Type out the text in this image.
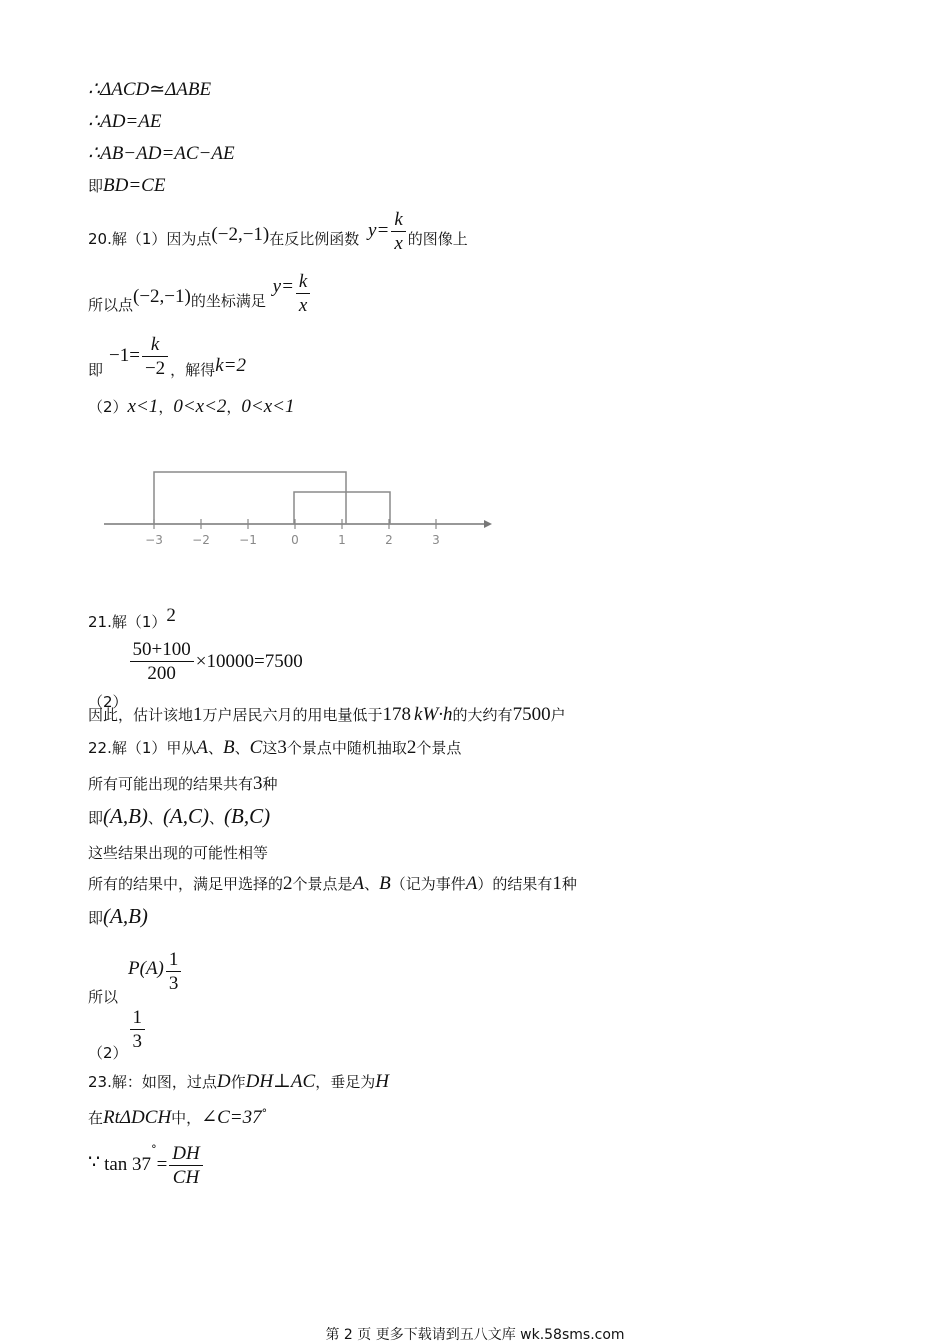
∴ΔACD≃ΔABE
∴AD=AE
∴AB−AD=AC−AE
即BD=CE
20.解（1）因为点(−2,−1)在反比例函数 $y= \frac{k}{x}$ 的图像上
所以点(−2,−1)的坐标满足 $y= \frac{k}{x}$
即$-1= \frac{k}{-2}$ ，解得k=2
（2）x<1，0<x<2，0<x<1
−3 −2 −1	0	1	2	3
21.解（1）2
（2）
$\frac{50+100}{200} \times 10000=7500$
因此，估计该地1万户居民六月的用电量低于178 kW·h的大约有7500户
22.解（1）甲从A、B、C这3个景点中随机抽取2个景点
所有可能出现的结果共有3种
即(A,B)、(A,C)、(B,C)
这些结果出现的可能性相等
所有的结果中，满足甲选择的2个景点是A、B（记为事件A）的结果有1种
即(A,B)
所以$P(A) \frac{1}{3}$
（2）
$\frac{1}{3}$
23.解：如图，过点D作DH⊥AC，垂足为H
在RtΔDCH中，∠C=37°
∵ $\tan 37^\circ= \frac{DH}{CH}$
第 2 页 更多下载请到五八文库 wk.58sms.com
